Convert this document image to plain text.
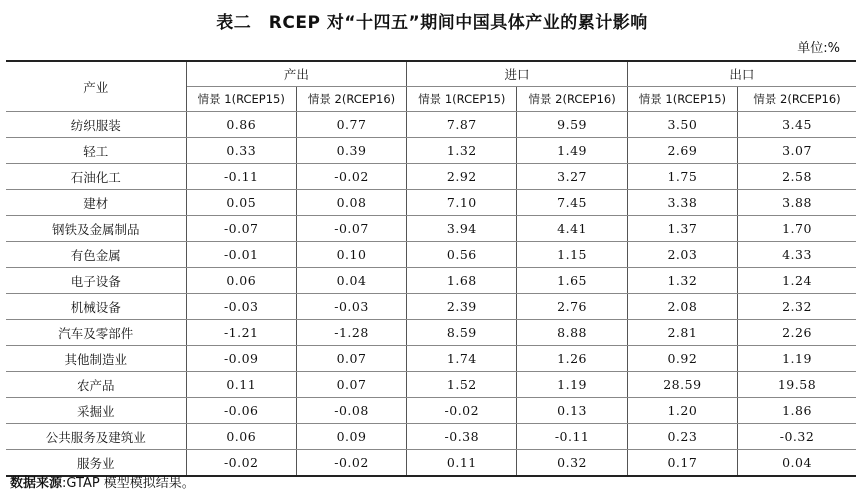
表二　RCEP 对“十四五”期间中国具体产业的累计影响
单位:%
产业	产出		进口		出口	
	情景 1(RCEP15)	情景 2(RCEP16)	情景 1(RCEP15)	情景 2(RCEP16)	情景 1(RCEP15)	情景 2(RCEP16)
纺织服装	0.86	0.77	7.87	9.59	3.50	3.45
轻工	0.33	0.39	1.32	1.49	2.69	3.07
石油化工	-0.11	-0.02	2.92	3.27	1.75	2.58
建材	0.05	0.08	7.10	7.45	3.38	3.88
钢铁及金属制品	-0.07	-0.07	3.94	4.41	1.37	1.70
有色金属	-0.01	0.10	0.56	1.15	2.03	4.33
电子设备	0.06	0.04	1.68	1.65	1.32	1.24
机械设备	-0.03	-0.03	2.39	2.76	2.08	2.32
汽车及零部件	-1.21	-1.28	8.59	8.88	2.81	2.26
其他制造业	-0.09	0.07	1.74	1.26	0.92	1.19
农产品	0.11	0.07	1.52	1.19	28.59	19.58
采掘业	-0.06	-0.08	-0.02	0.13	1.20	1.86
公共服务及建筑业	0.06	0.09	-0.38	-0.11	0.23	-0.32
服务业	-0.02	-0.02	0.11	0.32	0.17	0.04
数据来源:GTAP 模型模拟结果。
